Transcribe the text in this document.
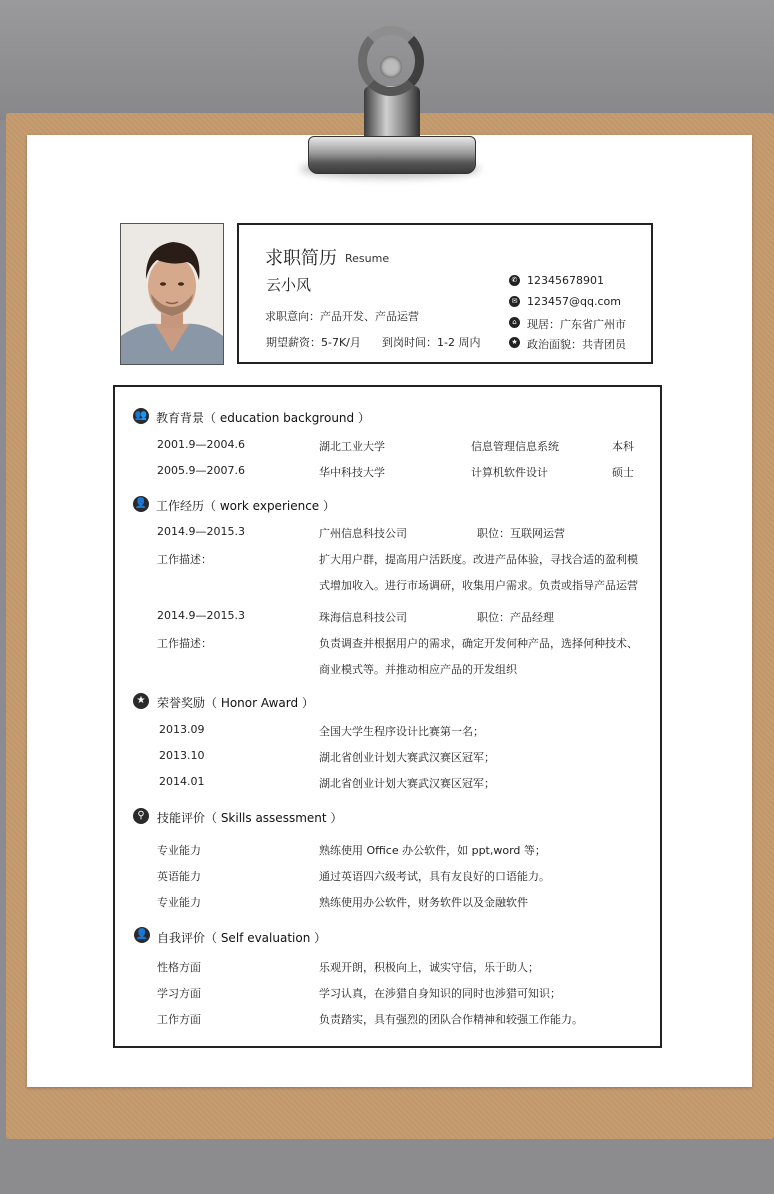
求职简历 Resume
云小风
求职意向：产品开发、产品运营
期望薪资：5-7K/月 到岗时间：1-2 周内
✆ 12345678901
✉ 123457@qq.com
⌂ 现居：广东省广州市
★ 政治面貌：共青团员
👥 教育背景（ education background ）
2001.9—2004.6	湖北工业大学	信息管理信息系统	本科
2005.9—2007.6	华中科技大学	计算机软件设计	硕士
👤 工作经历（ work experience ）
2014.9—2015.3	广州信息科技公司	职位：互联网运营
工作描述：	扩大用户群，提高用户活跃度。改进产品体验，寻找合适的盈利模
式增加收入。进行市场调研，收集用户需求。负责或指导产品运营
2014.9—2015.3	珠海信息科技公司	职位：产品经理
工作描述：	负责调查并根据用户的需求，确定开发何种产品，选择何种技术、
商业模式等。并推动相应产品的开发组织
★ 荣誉奖励（ Honor Award ）
2013.09	全国大学生程序设计比赛第一名；
2013.10	湖北省创业计划大赛武汉赛区冠军；
2014.01	湖北省创业计划大赛武汉赛区冠军；
⚲	技能评价（ Skills assessment ）
专业能力	熟练使用 Office 办公软件，如 ppt,word 等；
英语能力	通过英语四六级考试，具有友良好的口语能力。
专业能力	熟练使用办公软件，财务软件以及金融软件
👤 自我评价（ Self evaluation ）
性格方面	乐观开朗，积极向上，诚实守信，乐于助人；
学习方面	学习认真，在涉猎自身知识的同时也涉猎可知识；
工作方面	负责踏实，具有强烈的团队合作精神和较强工作能力。
